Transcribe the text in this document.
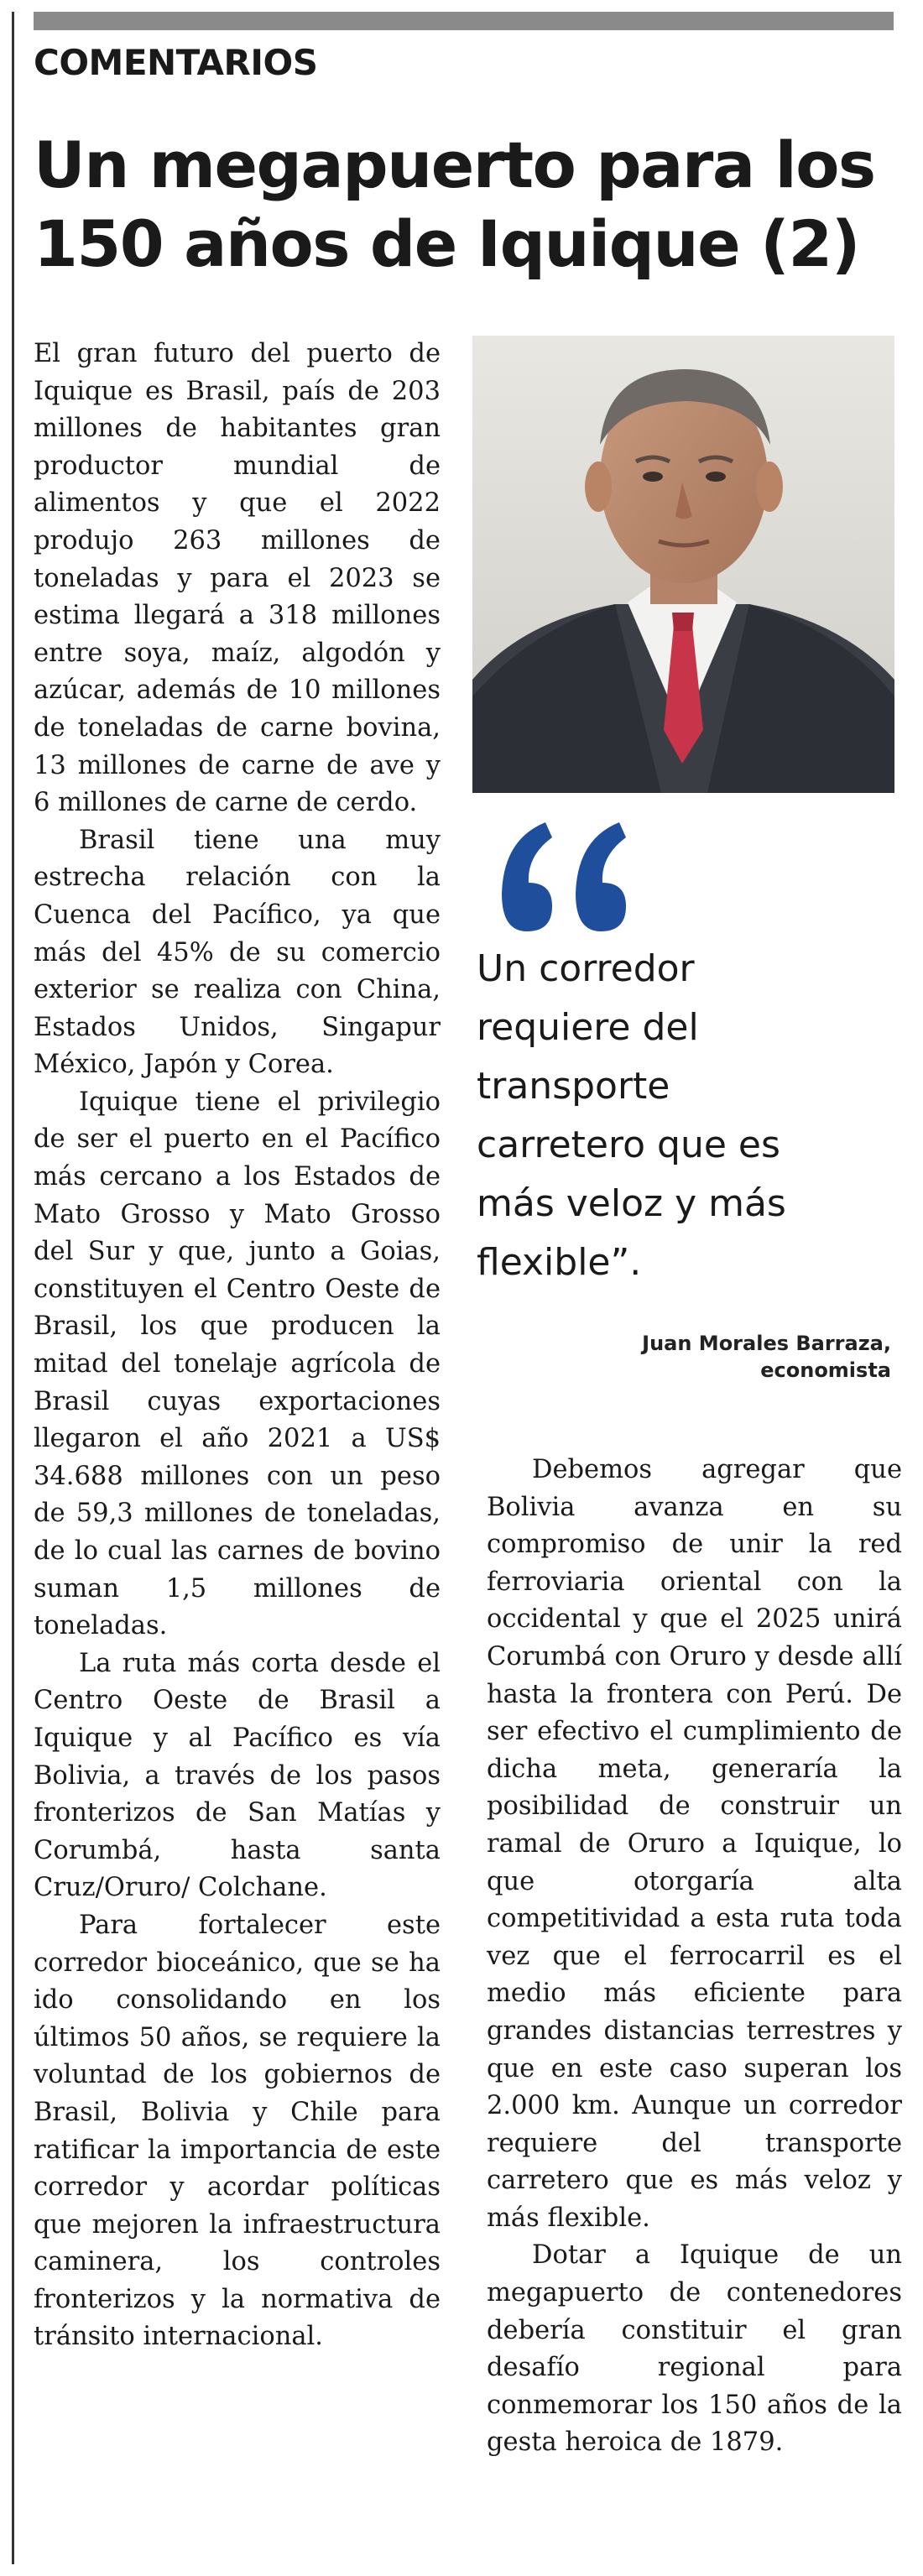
COMENTARIOS
Un megapuerto para los
150 años de Iquique (2)

El gran futuro del puerto de Iquique es Brasil, país de 203 millones de habitantes gran productor mundial de alimentos y que el 2022 produjo 263 millones de toneladas y para el 2023 se estima llegará a 318 millones entre soya, maíz, algodón y azúcar, además de 10 millones de toneladas de carne bovina, 13 millones de carne de ave y 6 millones de carne de cerdo.

Brasil tiene una muy estrecha relación con la Cuenca del Pacífico, ya que más del 45% de su comercio exterior se realiza con China, Estados Unidos, Singapur México, Japón y Corea.

Iquique tiene el privilegio de ser el puerto en el Pacífico más cercano a los Estados de Mato Grosso y Mato Grosso del Sur y que, junto a Goias, constituyen el Centro Oeste de Brasil, los que producen la mitad del tonelaje agrícola de Brasil cuyas exportaciones llegaron el año 2021 a US$ 34.688 millones con un peso de 59,3 millones de toneladas, de lo cual las carnes de bovino suman 1,5 millones de toneladas.

La ruta más corta desde el Centro Oeste de Brasil a Iquique y al Pacífico es vía Bolivia, a través de los pasos fronterizos de San Matías y Corumbá, hasta santa Cruz/Oruro/ Colchane.

Para fortalecer este corredor bioceánico, que se ha ido consolidando en los últimos 50 años, se requiere la voluntad de los gobiernos de Brasil, Bolivia y Chile para ratificar la importancia de este corredor y acordar políticas que mejoren la infraestructura caminera, los controles fronterizos y la normativa de tránsito internacional.

Un corredor
requiere del
transporte
carretero que es
más veloz y más
flexible”.

Juan Morales Barraza,
economista

Debemos agregar que Bolivia avanza en su compromiso de unir la red ferroviaria oriental con la occidental y que el 2025 unirá Corumbá con Oruro y desde allí hasta la frontera con Perú. De ser efectivo el cumplimiento de dicha meta, generaría la posibilidad de construir un ramal de Oruro a Iquique, lo que otorgaría alta competitividad a esta ruta toda vez que el ferrocarril es el medio más eficiente para grandes distancias terrestres y que en este caso superan los 2.000 km. Aunque un corredor requiere del transporte carretero que es más veloz y más flexible.

Dotar a Iquique de un megapuerto de contenedores debería constituir el gran desafío regional para conmemorar los 150 años de la gesta heroica de 1879.
